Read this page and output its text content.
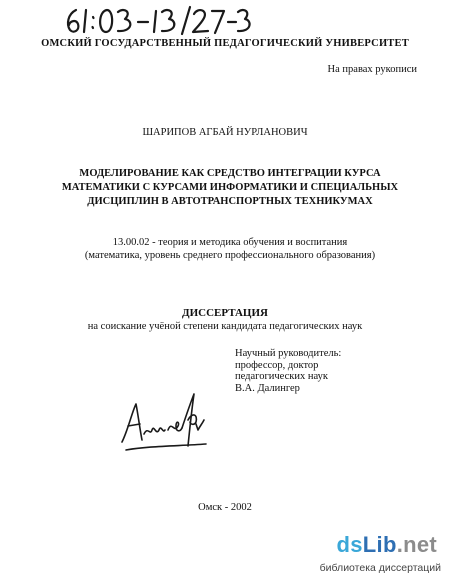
ОМСКИЙ ГОСУДАРСТВЕННЫЙ ПЕДАГОГИЧЕСКИЙ УНИВЕРСИТЕТ
На правах рукописи
ШАРИПОВ АГБАЙ НУРЛАНОВИЧ
МОДЕЛИРОВАНИЕ КАК СРЕДСТВО ИНТЕГРАЦИИ КУРСА
МАТЕМАТИКИ С КУРСАМИ ИНФОРМАТИКИ И СПЕЦИАЛЬНЫХ
ДИСЦИПЛИН В АВТОТРАНСПОРТНЫХ ТЕХНИКУМАХ
13.00.02 - теория и методика обучения и воспитания
(математика, уровень среднего профессионального образования)
ДИССЕРТАЦИЯ
на соискание учёной степени кандидата педагогических наук
Научный руководитель:
профессор, доктор
педагогических наук
В.А. Далингер
Омск - 2002
dsLib.net
библиотека диссертаций
